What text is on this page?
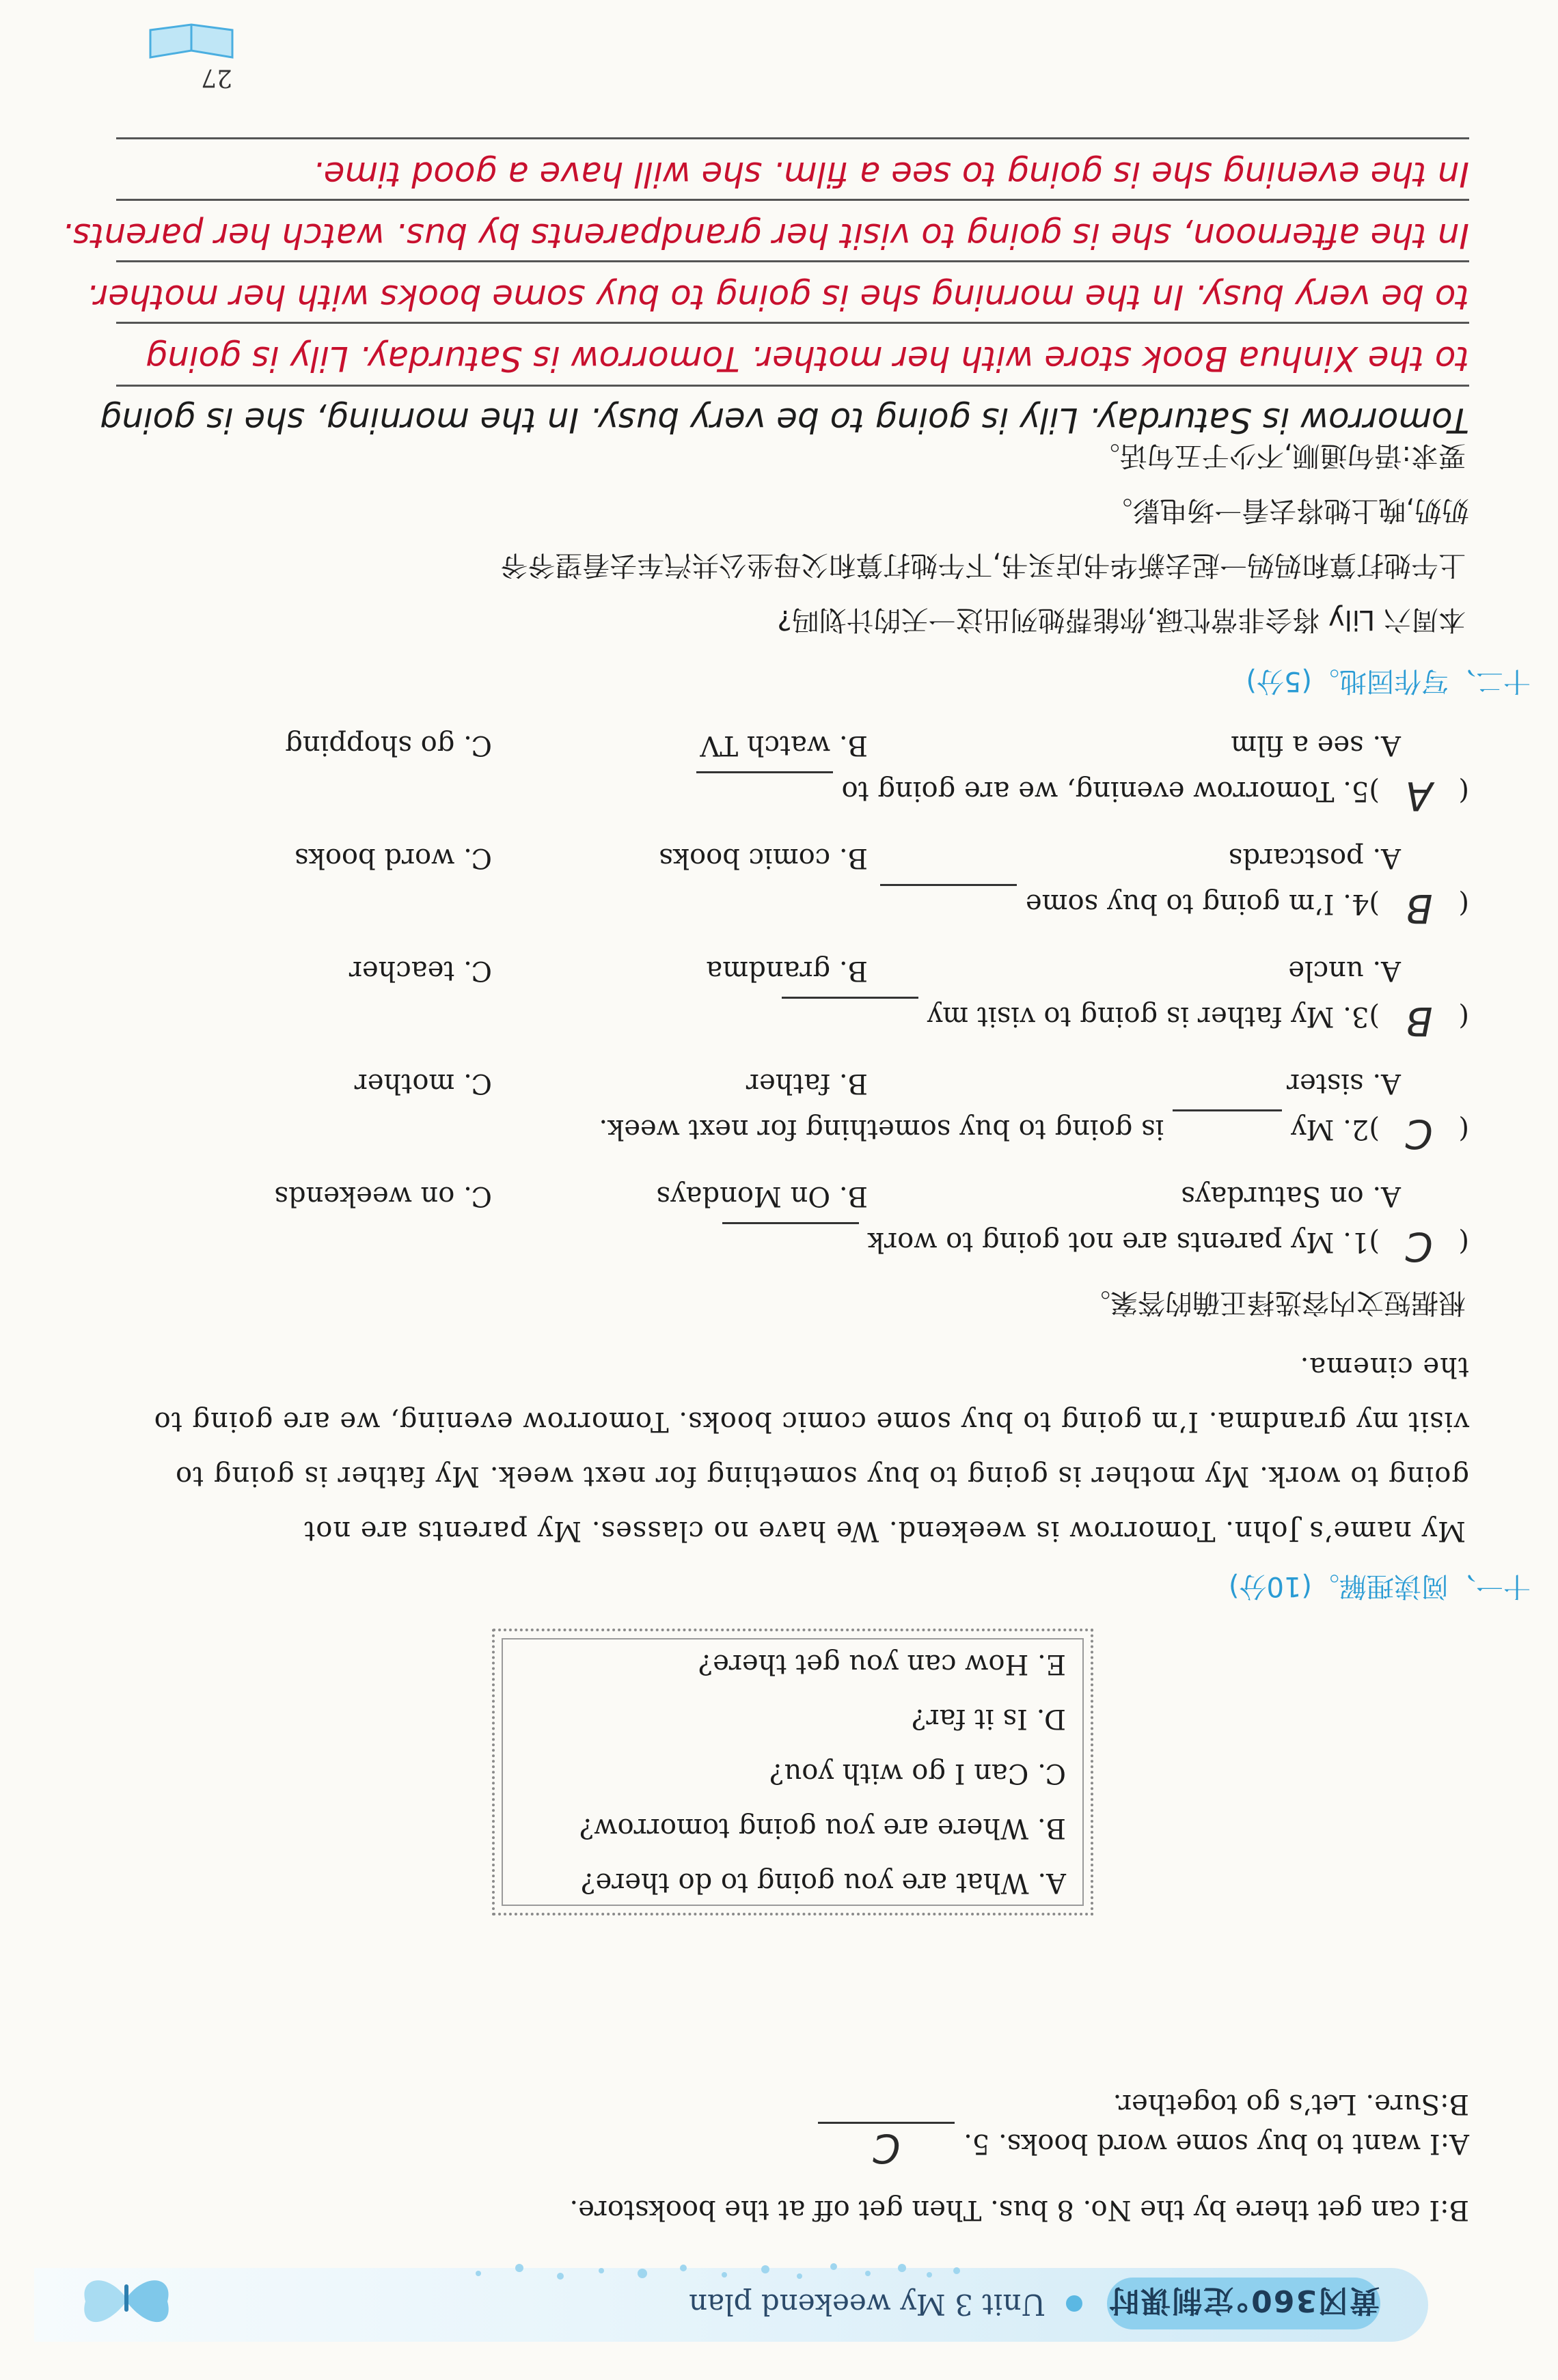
黄冈360°定制课时
Unit 3 My weekend plan
B:I can get there by the No. 8 bus. Then get off at the bookstore.
A:I want to buy some word books. 5. C
B:Sure. Let’s go together.
A. What are you going to do there?
B. Where are you going tomorrow?
C. Can I go with you?
D. Is it far?
E. How can you get there?
十一、阅读理解。(10分)
My name’s John. Tomorrow is weekend. We have no classes. My parents are not
going to work. My mother is going to buy something for next week. My father is going to
visit my grandma. I’m going to buy some comic books. Tomorrow evening, we are going to
the cinema.
根据短文内容选择正确的答案。
( C )1. My parents are not going to work
A. on Saturdays
B. On Mondays
C. on weekends
( C )2. My  is going to buy something for next week.
A. sister
B. father
C. mother
( B )3. My father is going to visit my
A. uncle
B. grandma
C. teacher
( B )4. I’m going to buy some
A. postcards
B. comic books
C. word books
( A )5. Tomorrow evening, we are going to
A. see a film
B. watch TV
C. go shopping
十二、写作园地。(5分)
本周六 Lily 将会非常忙碌,你能帮她列出这一天的计划吗?
上午她打算和妈妈一起去新华书店买书,下午她打算和父母坐公共汽车去看望爷爷
奶奶,晚上她将去看一场电影。
要求:语句通顺,不少于五句话。
Tomorrow is Saturday. Lily is going to be very busy. In the morning, she is going
to the Xinhua Book store with her mother. Tomorrow is Saturday. Lily is going
to be very busy. In the morning she is going to buy some books with her mother.
In the afternoon, she is going to visit her grandparents by bus. watch her parents.
In the evening she is going to see a film. she will have a good time.
27
